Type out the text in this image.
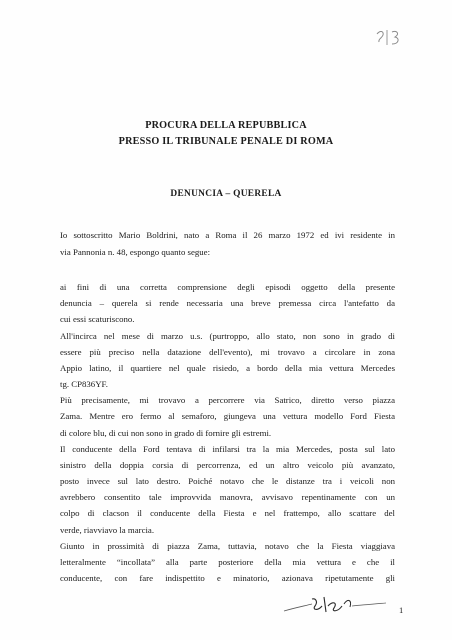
PROCURA DELLA REPUBBLICA
PRESSO IL TRIBUNALE PENALE DI ROMA
DENUNCIA – QUERELA
Io sottoscritto Mario Boldrini, nato a Roma il 26 marzo 1972 ed ivi residente in
via Pannonia n. 48, espongo quanto segue:
ai fini di una corretta comprensione degli episodi oggetto della presente
denuncia – querela si rende necessaria una breve premessa circa l'antefatto da
cui essi scaturiscono.
All'incirca nel mese di marzo u.s. (purtroppo, allo stato, non sono in grado di
essere più preciso nella datazione dell'evento), mi trovavo a circolare in zona
Appio latino, il quartiere nel quale risiedo, a bordo della mia vettura Mercedes
tg. CP836YF.
Più precisamente, mi trovavo a percorrere via Satrico, diretto verso piazza
Zama. Mentre ero fermo al semaforo, giungeva una vettura modello Ford Fiesta
di colore blu, di cui non sono in grado di fornire gli estremi.
Il conducente della Ford tentava di infilarsi tra la mia Mercedes, posta sul lato
sinistro della doppia corsia di percorrenza, ed un altro veicolo più avanzato,
posto invece sul lato destro. Poiché notavo che le distanze tra i veicoli non
avrebbero consentito tale improvvida manovra, avvisavo repentinamente con un
colpo di clacson il conducente della Fiesta e nel frattempo, allo scattare del
verde, riavviavo la marcia.
Giunto in prossimità di piazza Zama, tuttavia, notavo che la Fiesta viaggiava
letteralmente “incollata” alla parte posteriore della mia vettura e che il
conducente, con fare indispettito e minatorio, azionava ripetutamente gli
1
